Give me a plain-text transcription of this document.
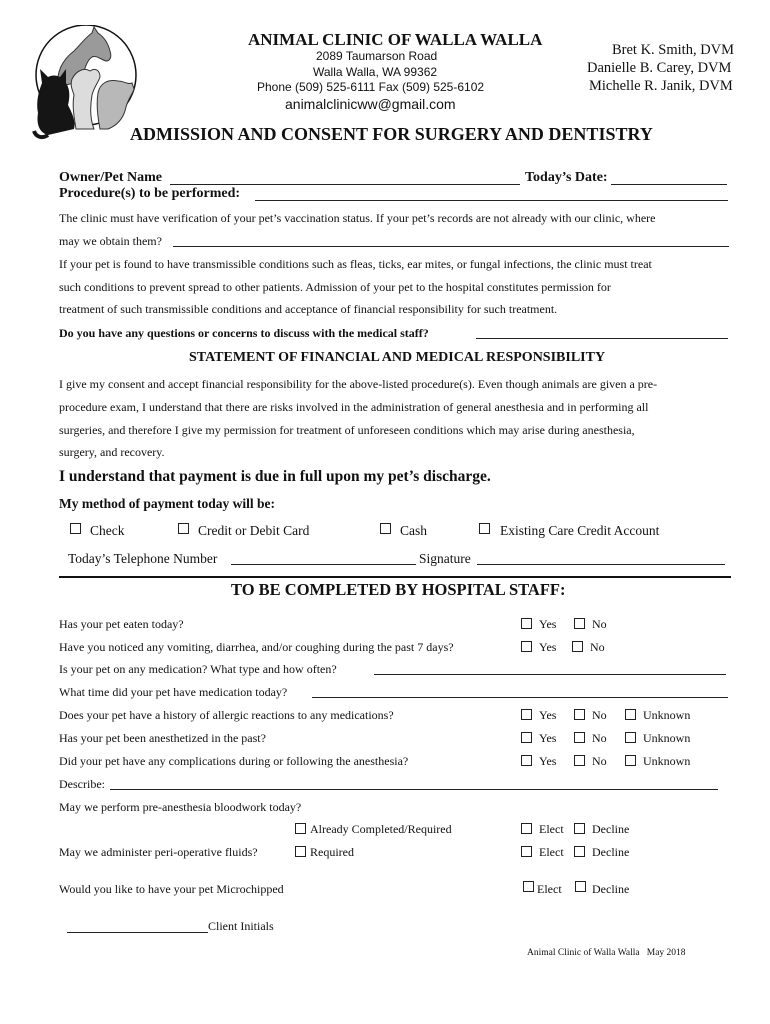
ANIMAL CLINIC OF WALLA WALLA
2089 Taumarson Road
Walla Walla, WA 99362
Phone (509) 525-6111 Fax (509) 525-6102
animalclinicww@gmail.com
Bret K. Smith, DVM
Danielle B. Carey, DVM
Michelle R. Janik, DVM
ADMISSION AND CONSENT FOR SURGERY AND DENTISTRY
Owner/Pet Name	Today’s Date:
Procedure(s) to be performed:
The clinic must have verification of your pet’s vaccination status. If your pet’s records are not already with our clinic, where
may we obtain them?
If your pet is found to have transmissible conditions such as fleas, ticks, ear mites, or fungal infections, the clinic must treat
such conditions to prevent spread to other patients. Admission of your pet to the hospital constitutes permission for
treatment of such transmissible conditions and acceptance of financial responsibility for such treatment.
Do you have any questions or concerns to discuss with the medical staff?
STATEMENT OF FINANCIAL AND MEDICAL RESPONSIBILITY
I give my consent and accept financial responsibility for the above-listed procedure(s). Even though animals are given a pre-
procedure exam, I understand that there are risks involved in the administration of general anesthesia and in performing all
surgeries, and therefore I give my permission for treatment of unforeseen conditions which may arise during anesthesia,
surgery, and recovery.
I understand that payment is due in full upon my pet’s discharge.
My method of payment today will be:
Check	Credit or Debit Card	Cash	Existing Care Credit Account
Today’s Telephone Number	Signature
TO BE COMPLETED BY HOSPITAL STAFF:
Has your pet eaten today?	Yes	No
Have you noticed any vomiting, diarrhea, and/or coughing during the past 7 days?	Yes	No
Is your pet on any medication? What type and how often?
What time did your pet have medication today?
Does your pet have a history of allergic reactions to any medications?	Yes	No	Unknown
Has your pet been anesthetized in the past?	Yes	No	Unknown
Did your pet have any complications during or following the anesthesia?	Yes	No	Unknown
Describe:
May we perform pre-anesthesia bloodwork today?
Already Completed/Required	Elect Decline
May we administer peri-operative fluids?	Required	Elect Decline
Would you like to have your pet Microchipped	Elect	Decline
Client Initials
Animal Clinic of Walla Walla   May 2018
